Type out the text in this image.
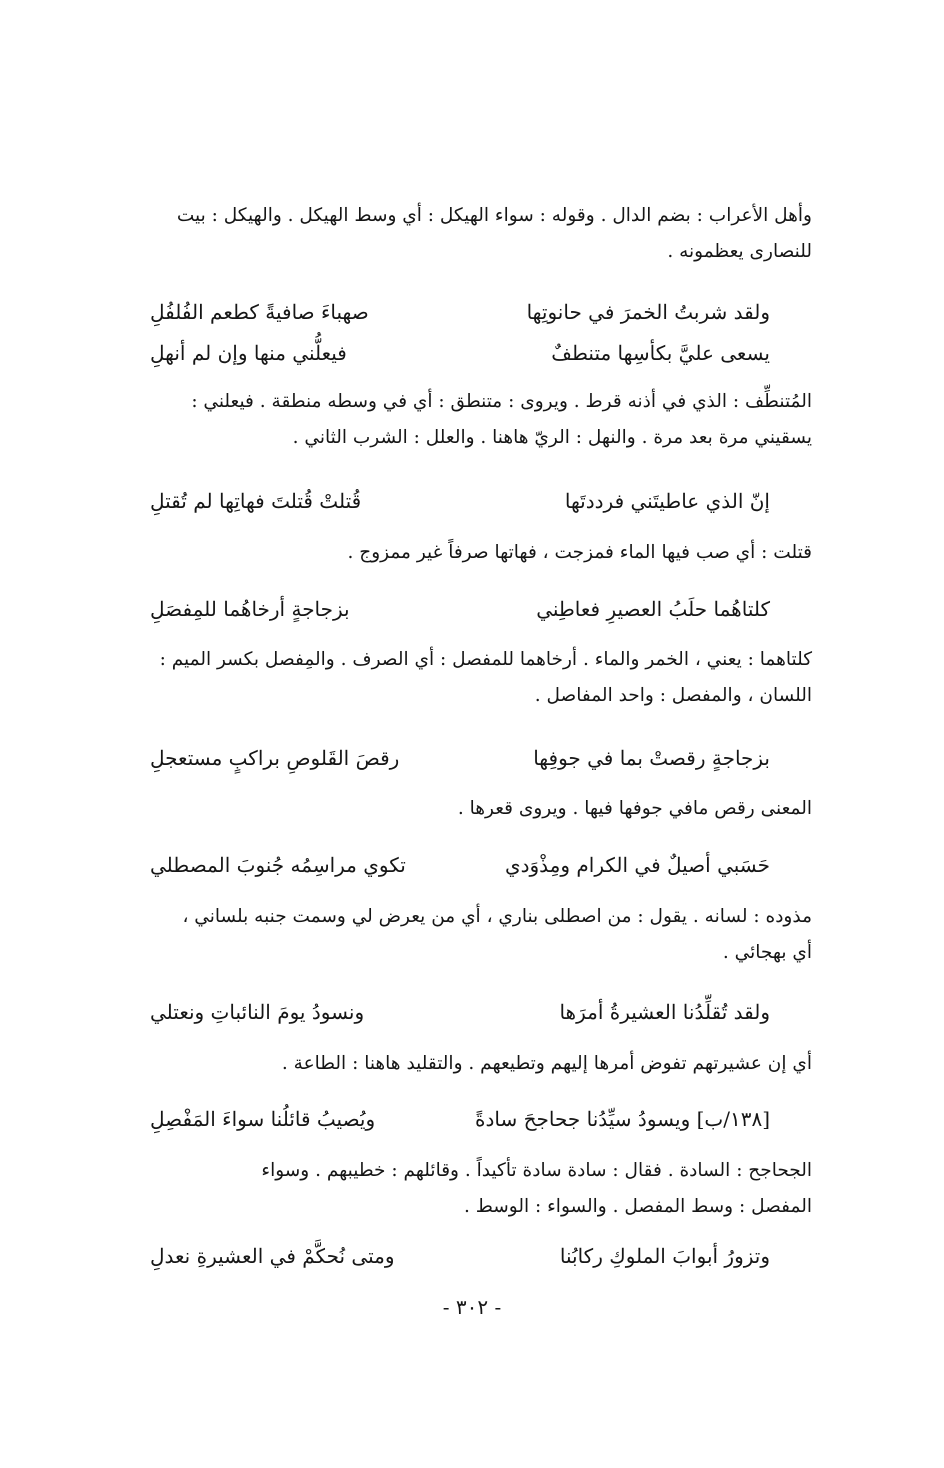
وأهل الأعراب : بضم الدال . وقوله : سواء الهيكل : أي وسط الهيكل . والهيكل : بيت
للنصارى يعظمونه .
ولقد شربتُ الخمرَ في حانوتِها
صهباءَ صافيةً كطعم الفُلفُلِ
يسعى عليَّ بكأسِها متنطفٌ
فيعلُّني منها وإن لم أنهلِ
المُتنطِّف : الذي في أذنه قرط . ويروى : متنطق : أي في وسطه منطقة . فيعلني :
يسقيني مرة بعد مرة . والنهل : الريّ هاهنا . والعلل : الشرب الثاني .
إنّ الذي عاطيتَني فرددتَها
قُتلتْ قُتلتَ فهاتِها لم تُقتلِ
قتلت : أي صب فيها الماء فمزجت ، فهاتها صرفاً غير ممزوج .
كلتاهُما حلَبُ العصيرِ فعاطِني
بزجاجةٍ أرخاهُما للمِفصَلِ
كلتاهما : يعني ، الخمر والماء . أرخاهما للمفصل : أي الصرف . والمِفصل بكسر الميم :
اللسان ، والمفصل : واحد المفاصل .
بزجاجةٍ رقصتْ بما في جوفِها
رقصَ القَلوصِ براكبٍ مستعجلِ
المعنى رقص مافي جوفها فيها . ويروى قعرها .
حَسَبي أصيلٌ في الكرام ومِذْوَدي
تكوي مراسِمُه جُنوبَ المصطلي
مذوده : لسانه . يقول : من اصطلى بناري ، أي من يعرض لي وسمت جنبه بلساني ،
أي بهجائي .
ولقد تُقلِّدُنا العشيرةُ أمرَها
ونسودُ يومَ النائباتِ ونعتلي
أي إن عشيرتهم تفوض أمرها إليهم وتطيعهم . والتقليد هاهنا : الطاعة .
[١٣٨/ب] ويسودُ سيِّدُنا جحاجحَ سادةً
ويُصيبُ قائلُنا سواءَ المَفْصِلِ
الجحاجح : السادة . فقال : سادة سادة تأكيداً . وقائلهم : خطيبهم . وسواء
المفصل : وسط المفصل . والسواء : الوسط .
وتزورُ أبوابَ الملوكِ ركابُنا
ومتى نُحكَّمْ في العشيرةِ نعدلِ
- ٣٠٢ -
